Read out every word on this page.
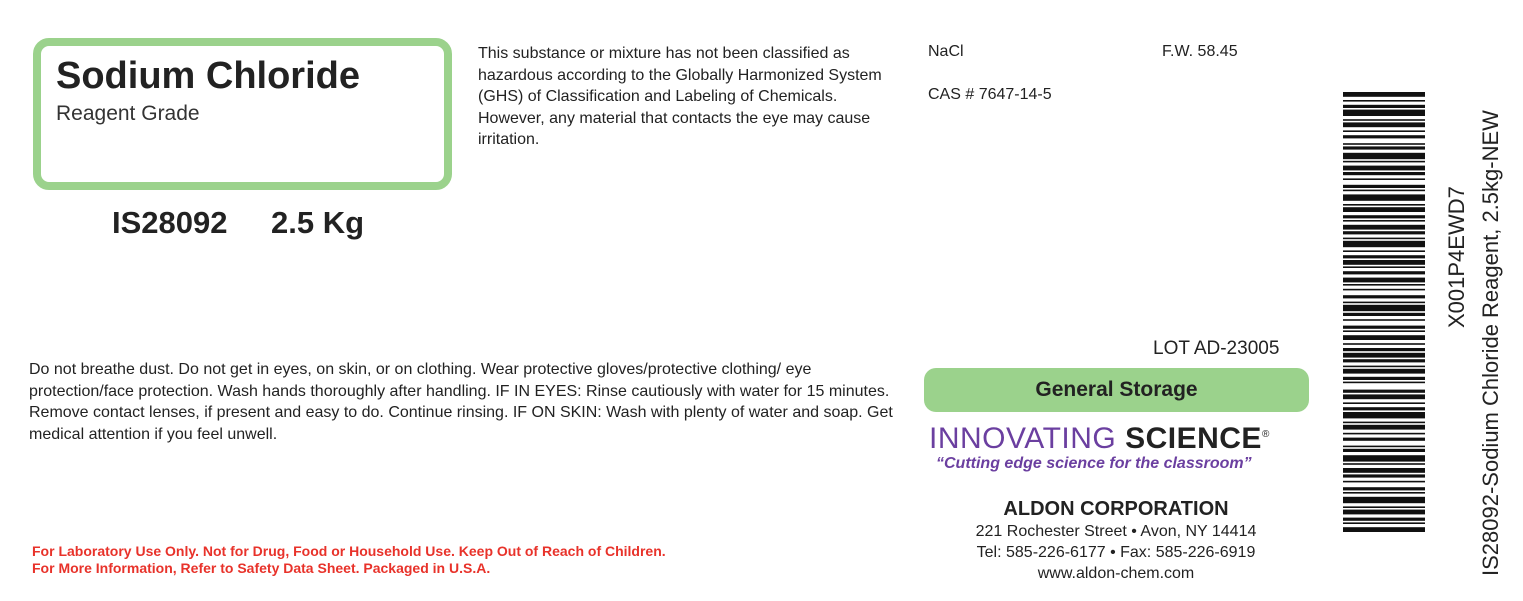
Sodium Chloride
Reagent Grade
IS28092 2.5 Kg
This substance or mixture has not been classified as hazardous according to the Globally Harmonized System (GHS) of Classification and Labeling of Chemicals. However, any material that contacts the eye may cause irritation.
NaCl	F.W. 58.45
CAS # 7647-14-5
Do not breathe dust. Do not get in eyes, on skin, or on clothing. Wear protective gloves/protective clothing/ eye protection/face protection. Wash hands thoroughly after handling. IF IN EYES: Rinse cautiously with water for 15 minutes. Remove contact lenses, if present and easy to do. Continue rinsing. IF ON SKIN: Wash with plenty of water and soap. Get medical attention if you feel unwell.
For Laboratory Use Only. Not for Drug, Food or Household Use. Keep Out of Reach of Children.
For More Information, Refer to Safety Data Sheet. Packaged in U.S.A.
LOT AD-23005
General Storage
INNOVATING SCIENCE®
“Cutting edge science for the classroom”
ALDON CORPORATION
221 Rochester Street • Avon, NY 14414
Tel: 585-226-6177 • Fax: 585-226-6919
www.aldon-chem.com
X001P4EWD7 IS28092-Sodium Chloride Reagent, 2.5kg-NEW
